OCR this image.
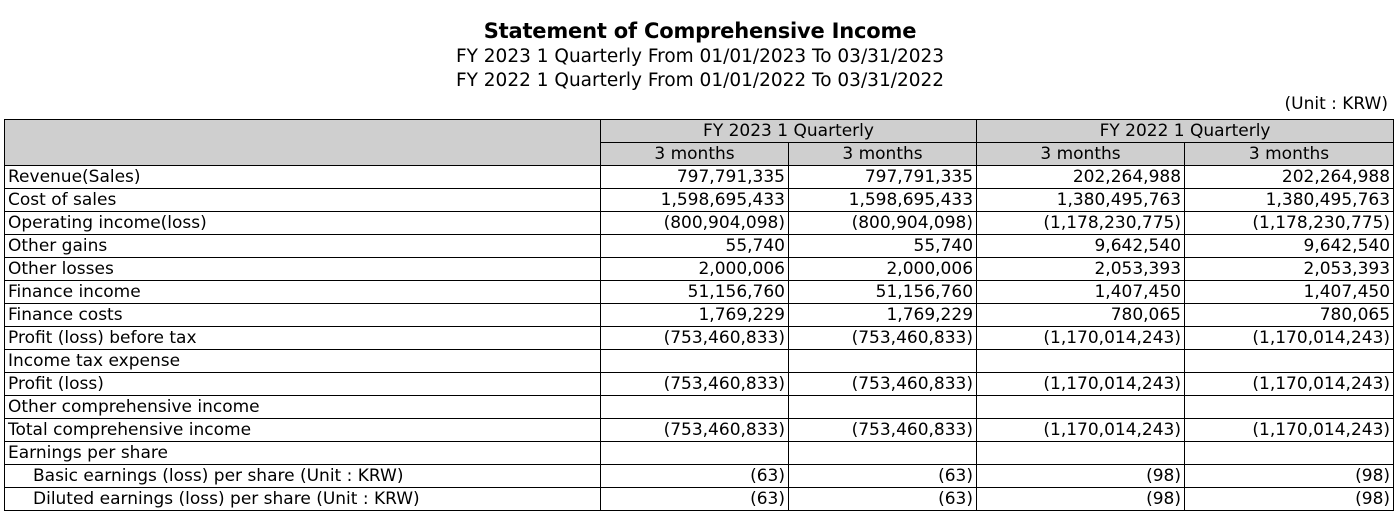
Statement of Comprehensive Income
FY 2023 1 Quarterly From 01/01/2023 To 03/31/2023
FY 2022 1 Quarterly From 01/01/2022 To 03/31/2022
(Unit : KRW)
	FY 2023 1 Quarterly		FY 2022 1 Quarterly	
	3 months	3 months	3 months	3 months
Revenue(Sales)	797,791,335	797,791,335	202,264,988	202,264,988
Cost of sales	1,598,695,433	1,598,695,433	1,380,495,763	1,380,495,763
Operating income(loss)	(800,904,098)	(800,904,098)	(1,178,230,775)	(1,178,230,775)
Other gains	55,740	55,740	9,642,540	9,642,540
Other losses	2,000,006	2,000,006	2,053,393	2,053,393
Finance income	51,156,760	51,156,760	1,407,450	1,407,450
Finance costs	1,769,229	1,769,229	780,065	780,065
Profit (loss) before tax	(753,460,833)	(753,460,833)	(1,170,014,243)	(1,170,014,243)
Income tax expense				
Profit (loss)	(753,460,833)	(753,460,833)	(1,170,014,243)	(1,170,014,243)
Other comprehensive income				
Total comprehensive income	(753,460,833)	(753,460,833)	(1,170,014,243)	(1,170,014,243)
Earnings per share				
Basic earnings (loss) per share (Unit : KRW)	(63)	(63)	(98)	(98)
Diluted earnings (loss) per share (Unit : KRW)	(63)	(63)	(98)	(98)
